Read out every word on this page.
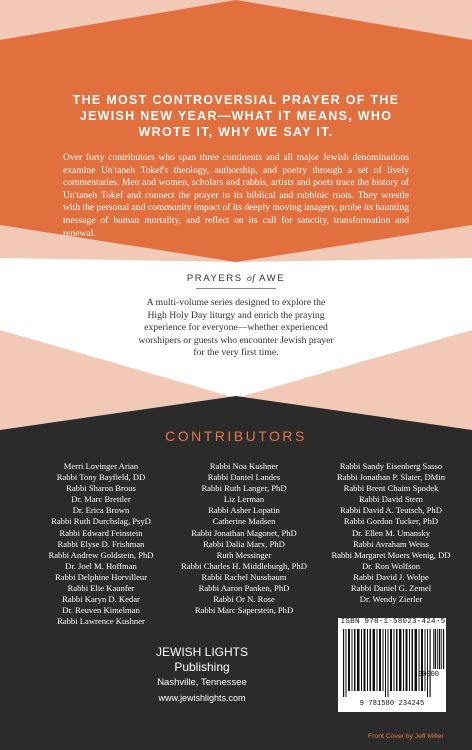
THE MOST CONTROVERSIAL PRAYER OF THE JEWISH NEW YEAR—WHAT IT MEANS, WHO WROTE IT, WHY WE SAY IT.
Over forty contributors who span three continents and all major Jewish denominations examine Un'taneh Tokef's theology, authorship, and poetry through a set of lively commentaries. Men and women, scholars and rabbis, artists and poets trace the history of Un'taneh Tokef and connect the prayer to its biblical and rabbinic roots. They wrestle with the personal and community impact of its deeply moving imagery, probe its haunting message of human mortality, and reflect on its call for sanctity, transformation and renewal.
PRAYERS of AWE
A multi-volume series designed to explore the High Holy Day liturgy and enrich the praying experience for everyone—whether experienced worshipers or guests who encounter Jewish prayer for the very first time.
CONTRIBUTORS
Merri Lovinger Arian
Rabbi Tony Bayfield, DD
Rabbi Sharon Brous
Dr. Marc Brettler
Dr. Erica Brown
Rabbi Ruth Durchslag, PsyD
Rabbi Edward Feinstein
Rabbi Elyse D. Frishman
Rabbi Andrew Goldstein, PhD
Dr. Joel M. Hoffman
Rabbi Delphine Horvilleur
Rabbi Elie Kaunfer
Rabbi Karyn D. Kedar
Dr. Reuven Kimelman
Rabbi Lawrence Kushner
Rabbi Noa Kushner
Rabbi Daniel Landes
Rabbi Ruth Langer, PhD
Liz Lerman
Rabbi Asher Lopatin
Catherine Madsen
Rabbi Jonathan Magonet, PhD
Rabbi Dalia Marx, PhD
Ruth Messinger
Rabbi Charles H. Middleburgh, PhD
Rabbi Rachel Nussbaum
Rabbi Aaron Panken, PhD
Rabbi Or N. Rose
Rabbi Marc Saperstein, PhD
Rabbi Sandy Eisenberg Sasso
Rabbi Jonathan P. Slater, DMin
Rabbi Brent Chaim Spodek
Rabbi David Stern
Rabbi David A. Teutsch, PhD
Rabbi Gordon Tucker, PhD
Dr. Ellen M. Umansky
Rabbi Avraham Weiss
Rabbi Margaret Moers Wenig, DD
Dr. Ron Wolfson
Rabbi David J. Wolpe
Rabbi Daniel G. Zemel
Dr. Wendy Zierler
JEWISH LIGHTS Publishing
Nashville, Tennessee
www.jewishlights.com
ISBN 978-1-58023-424-5
90000
9 781580 234245
Front Cover by Jeff Miller
